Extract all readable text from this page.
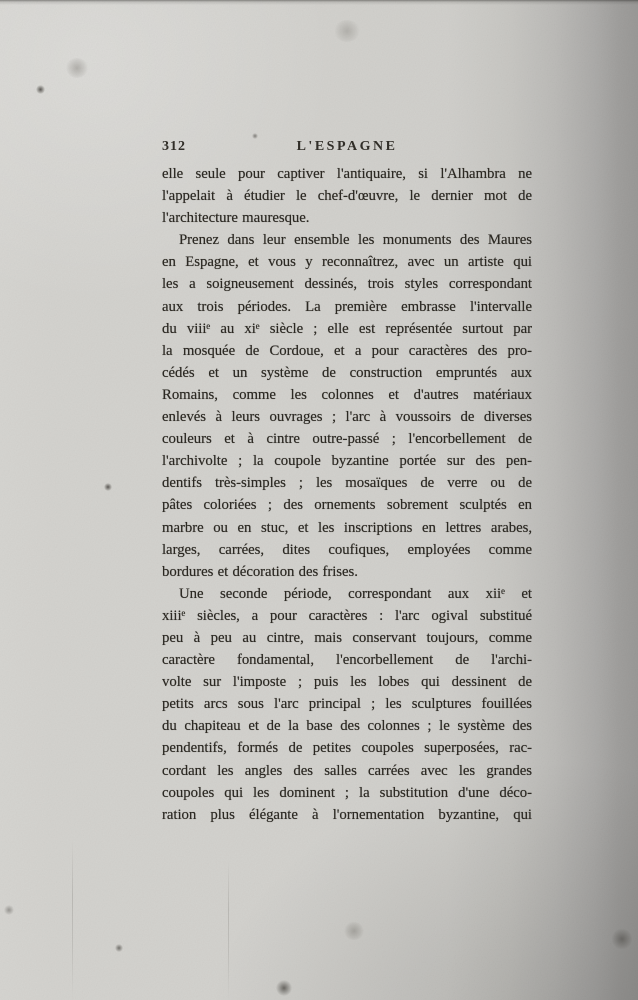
312	L'ESPAGNE
elle seule pour captiver l'antiquaire, si l'Alhambra ne
l'appelait à étudier le chef-d'œuvre, le dernier mot de
l'architecture mauresque.
Prenez dans leur ensemble les monuments des Maures
en Espagne, et vous y reconnaîtrez, avec un artiste qui
les a soigneusement dessinés, trois styles correspondant
aux trois périodes. La première embrasse l'intervalle
du viiiᵉ au xiᵉ siècle ; elle est représentée surtout par
la mosquée de Cordoue, et a pour caractères des pro-
cédés et un système de construction empruntés aux
Romains, comme les colonnes et d'autres matériaux
enlevés à leurs ouvrages ; l'arc à voussoirs de diverses
couleurs et à cintre outre-passé ; l'encorbellement de
l'archivolte ; la coupole byzantine portée sur des pen-
dentifs très-simples ; les mosaïques de verre ou de
pâtes coloriées ; des ornements sobrement sculptés en
marbre ou en stuc, et les inscriptions en lettres arabes,
larges, carrées, dites coufiques, employées comme
bordures et décoration des frises.
Une seconde période, correspondant aux xiiᵉ et
xiiiᵉ siècles, a pour caractères : l'arc ogival substitué
peu à peu au cintre, mais conservant toujours, comme
caractère fondamental, l'encorbellement de l'archi-
volte sur l'imposte ; puis les lobes qui dessinent de
petits arcs sous l'arc principal ; les sculptures fouillées
du chapiteau et de la base des colonnes ; le système des
pendentifs, formés de petites coupoles superposées, rac-
cordant les angles des salles carrées avec les grandes
coupoles qui les dominent ; la substitution d'une déco-
ration plus élégante à l'ornementation byzantine, qui
